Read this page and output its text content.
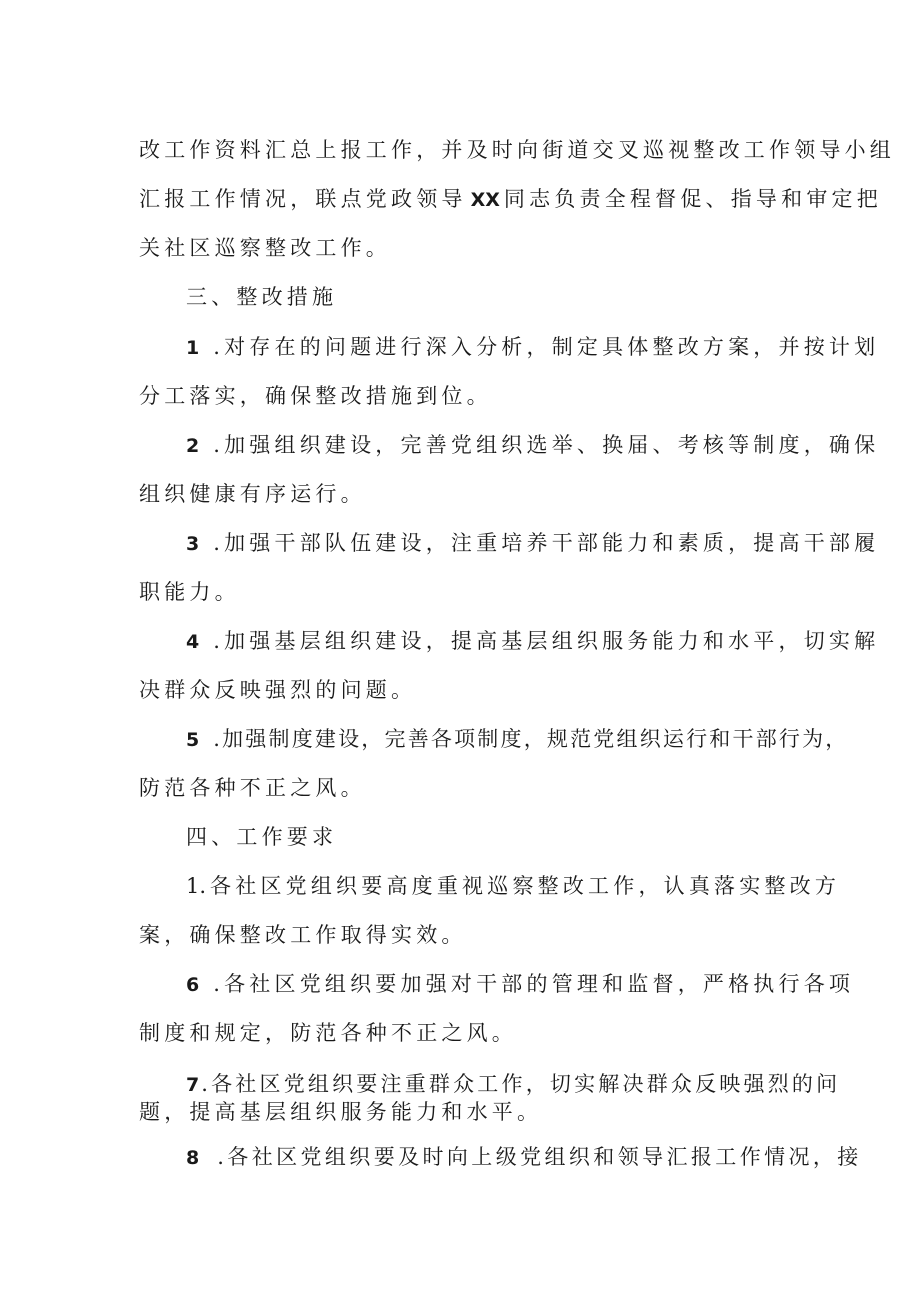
改工作资料汇总上报工作，并及时向街道交叉巡视整改工作领导小组
汇报工作情况，联点党政领导 XX 同志负责全程督促、指导和审定把
关社区巡察整改工作。
三、整改措施
1 .对存在的问题进行深入分析，制定具体整改方案，并按计划
分工落实，确保整改措施到位。
2 .加强组织建设，完善党组织选举、换届、考核等制度，确保
组织健康有序运行。
3 .加强干部队伍建设，注重培养干部能力和素质，提高干部履
职能力。
4 .加强基层组织建设，提高基层组织服务能力和水平，切实解
决群众反映强烈的问题。
5 .加强制度建设，完善各项制度，规范党组织运行和干部行为，
防范各种不正之风。
四、工作要求
1. 各社区党组织要高度重视巡察整改工作，认真落实整改方
案，确保整改工作取得实效。
6 .各社区党组织要加强对干部的管理和监督，严格执行各项
制度和规定，防范各种不正之风。
7.各社区党组织要注重群众工作，切实解决群众反映强烈的问
题，提高基层组织服务能力和水平。
8 .各社区党组织要及时向上级党组织和领导汇报工作情况，接
